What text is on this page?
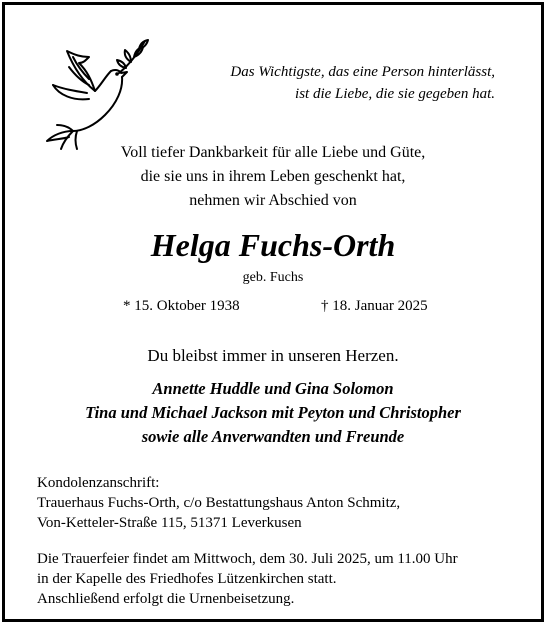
Das Wichtigste, das eine Person hinterlässt,
ist die Liebe, die sie gegeben hat.
Voll tiefer Dankbarkeit für alle Liebe und Güte,
die sie uns in ihrem Leben geschenkt hat,
nehmen wir Abschied von
Helga Fuchs-Orth
geb. Fuchs
* 15. Oktober 1938	† 18. Januar 2025
Du bleibst immer in unseren Herzen.
Annette Huddle und Gina Solomon
Tina und Michael Jackson mit Peyton und Christopher
sowie alle Anverwandten und Freunde
Kondolenzanschrift:
Trauerhaus Fuchs-Orth, c/o Bestattungshaus Anton Schmitz,
Von-Ketteler-Straße 115, 51371 Leverkusen
Die Trauerfeier findet am Mittwoch, dem 30. Juli 2025, um 11.00 Uhr
in der Kapelle des Friedhofes Lützenkirchen statt.
Anschließend erfolgt die Urnenbeisetzung.
